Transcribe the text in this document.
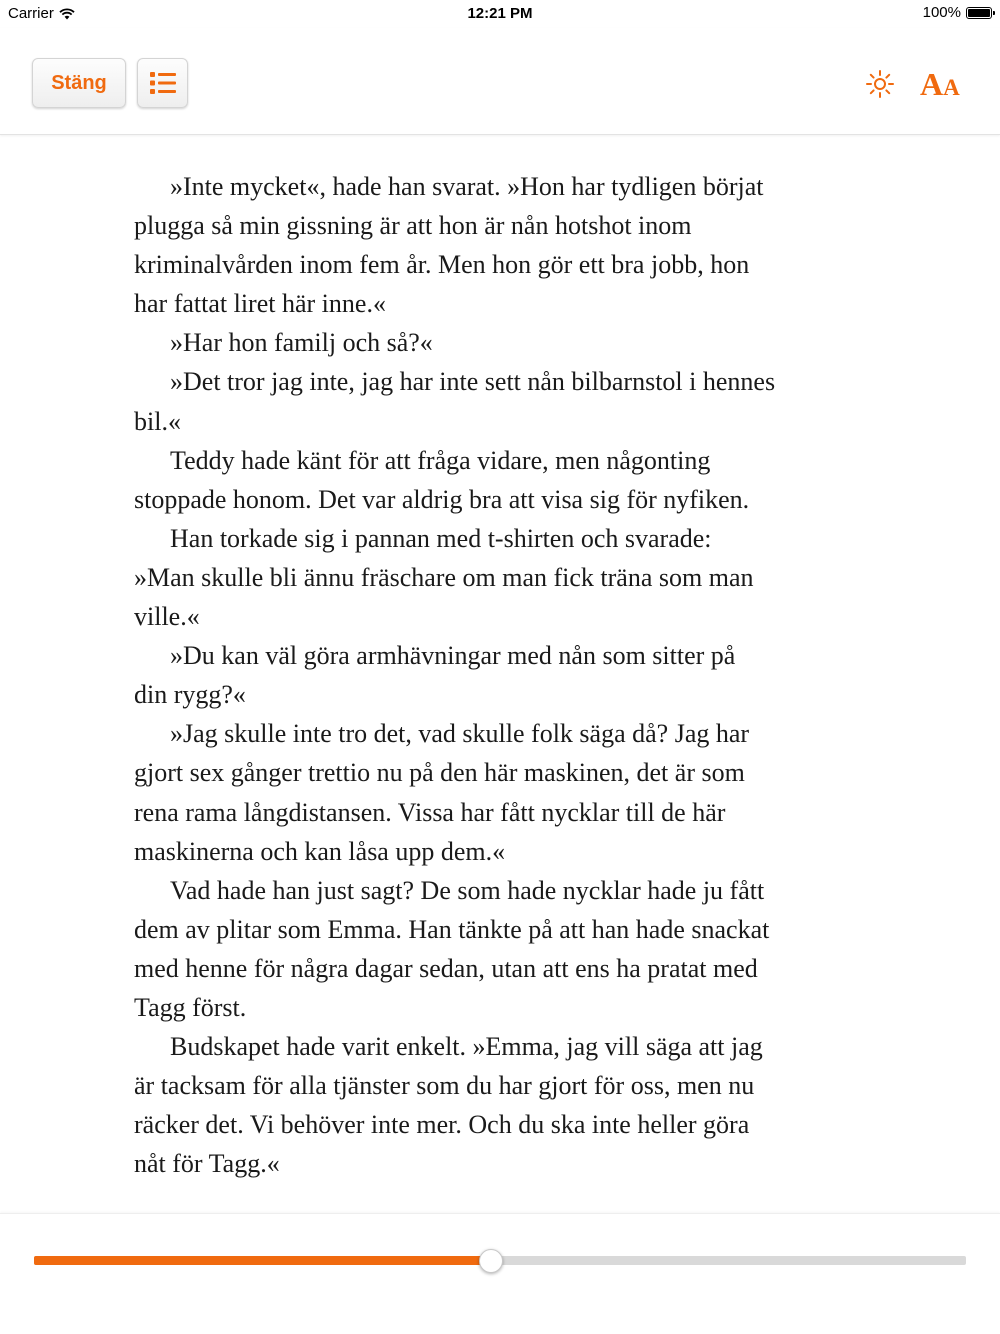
Carrier	12:21 PM	100%
Stäng	AA

»Inte mycket«, hade han svarat. »Hon har tydligen börjat

plugga så min gissning är att hon är nån hotshot inom

kriminalvården inom fem år. Men hon gör ett bra jobb, hon

har fattat liret här inne.«

»Har hon familj och så?«

»Det tror jag inte, jag har inte sett nån bilbarnstol i hennes

bil.«

Teddy hade känt för att fråga vidare, men någonting

stoppade honom. Det var aldrig bra att visa sig för nyfiken.

Han torkade sig i pannan med t-shirten och svarade:

»Man skulle bli ännu fräschare om man fick träna som man

ville.«

»Du kan väl göra armhävningar med nån som sitter på

din rygg?«

»Jag skulle inte tro det, vad skulle folk säga då? Jag har

gjort sex gånger trettio nu på den här maskinen, det är som

rena rama långdistansen. Vissa har fått nycklar till de här

maskinerna och kan låsa upp dem.«

Vad hade han just sagt? De som hade nycklar hade ju fått

dem av plitar som Emma. Han tänkte på att han hade snackat

med henne för några dagar sedan, utan att ens ha pratat med

Tagg först.

Budskapet hade varit enkelt. »Emma, jag vill säga att jag

är tacksam för alla tjänster som du har gjort för oss, men nu

räcker det. Vi behöver inte mer. Och du ska inte heller göra

nåt för Tagg.«
